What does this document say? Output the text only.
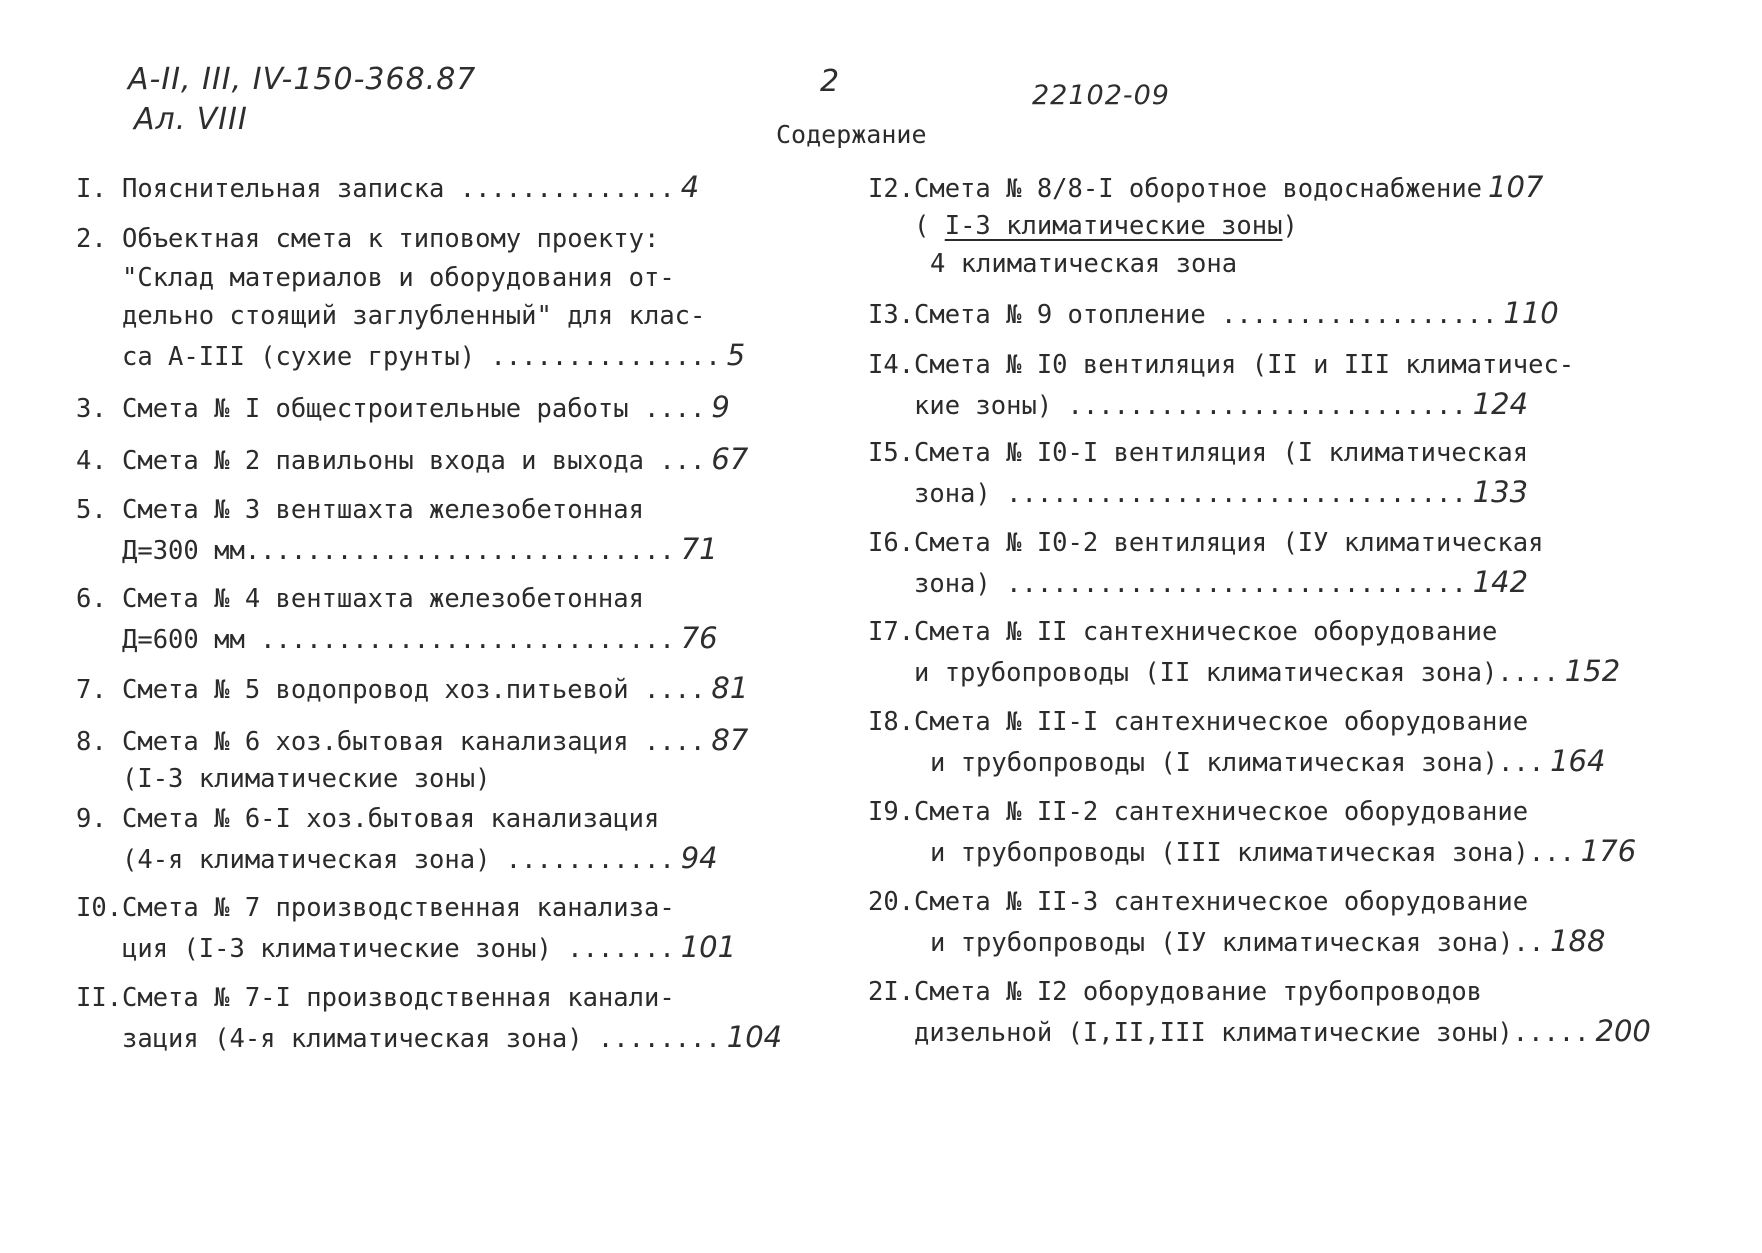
А-II, III, IV-150-368.87
Ал. VIII
2	22102-09
Содержание
I. Пояснительная записка .............. 4
2. Объектная смета к типовому проекту:
"Склад материалов и оборудования от-
дельно стоящий заглубленный" для клас-
са А-III (сухие грунты) ............... 5
3. Смета № I общестроительные работы .... 9
4. Смета № 2 павильоны входа и выхода ... 67
5. Смета № 3 вентшахта железобетонная
Д=300 мм............................ 71
6. Смета № 4 вентшахта железобетонная
Д=600 мм ........................... 76
7. Смета № 5 водопровод хоз.питьевой .... 81
8. Смета № 6 хоз.бытовая канализация .... 87
(I-3 климатические зоны)
9. Смета № 6-I хоз.бытовая канализация
(4-я климатическая зона) ........... 94
I0.Смета № 7 производственная канализа-
ция (I-3 климатические зоны) ....... 101
II.Смета № 7-I производственная канали-
зация (4-я климатическая зона) ........ 104
I2.Смета № 8/8-I оборотное водоснабжение 107
( I-3 климатические зоны)
4 климатическая зона
I3.Смета № 9 отопление .................. 110
I4.Смета № I0 вентиляция (II и III климатичес-
кие зоны) .......................... 124
I5.Смета № I0-I вентиляция (I климатическая
зона) .............................. 133
I6.Смета № I0-2 вентиляция (IУ климатическая
зона) .............................. 142
I7.Смета № II сантехническое оборудование
и трубопроводы (II климатическая зона).... 152
I8.Смета № II-I сантехническое оборудование
и трубопроводы (I климатическая зона)... 164
I9.Смета № II-2 сантехническое оборудование
и трубопроводы (III климатическая зона)... 176
20.Смета № II-3 сантехническое оборудование
и трубопроводы (IУ климатическая зона).. 188
2I.Смета № I2 оборудование трубопроводов
дизельной (I,II,III климатические зоны)..... 200
